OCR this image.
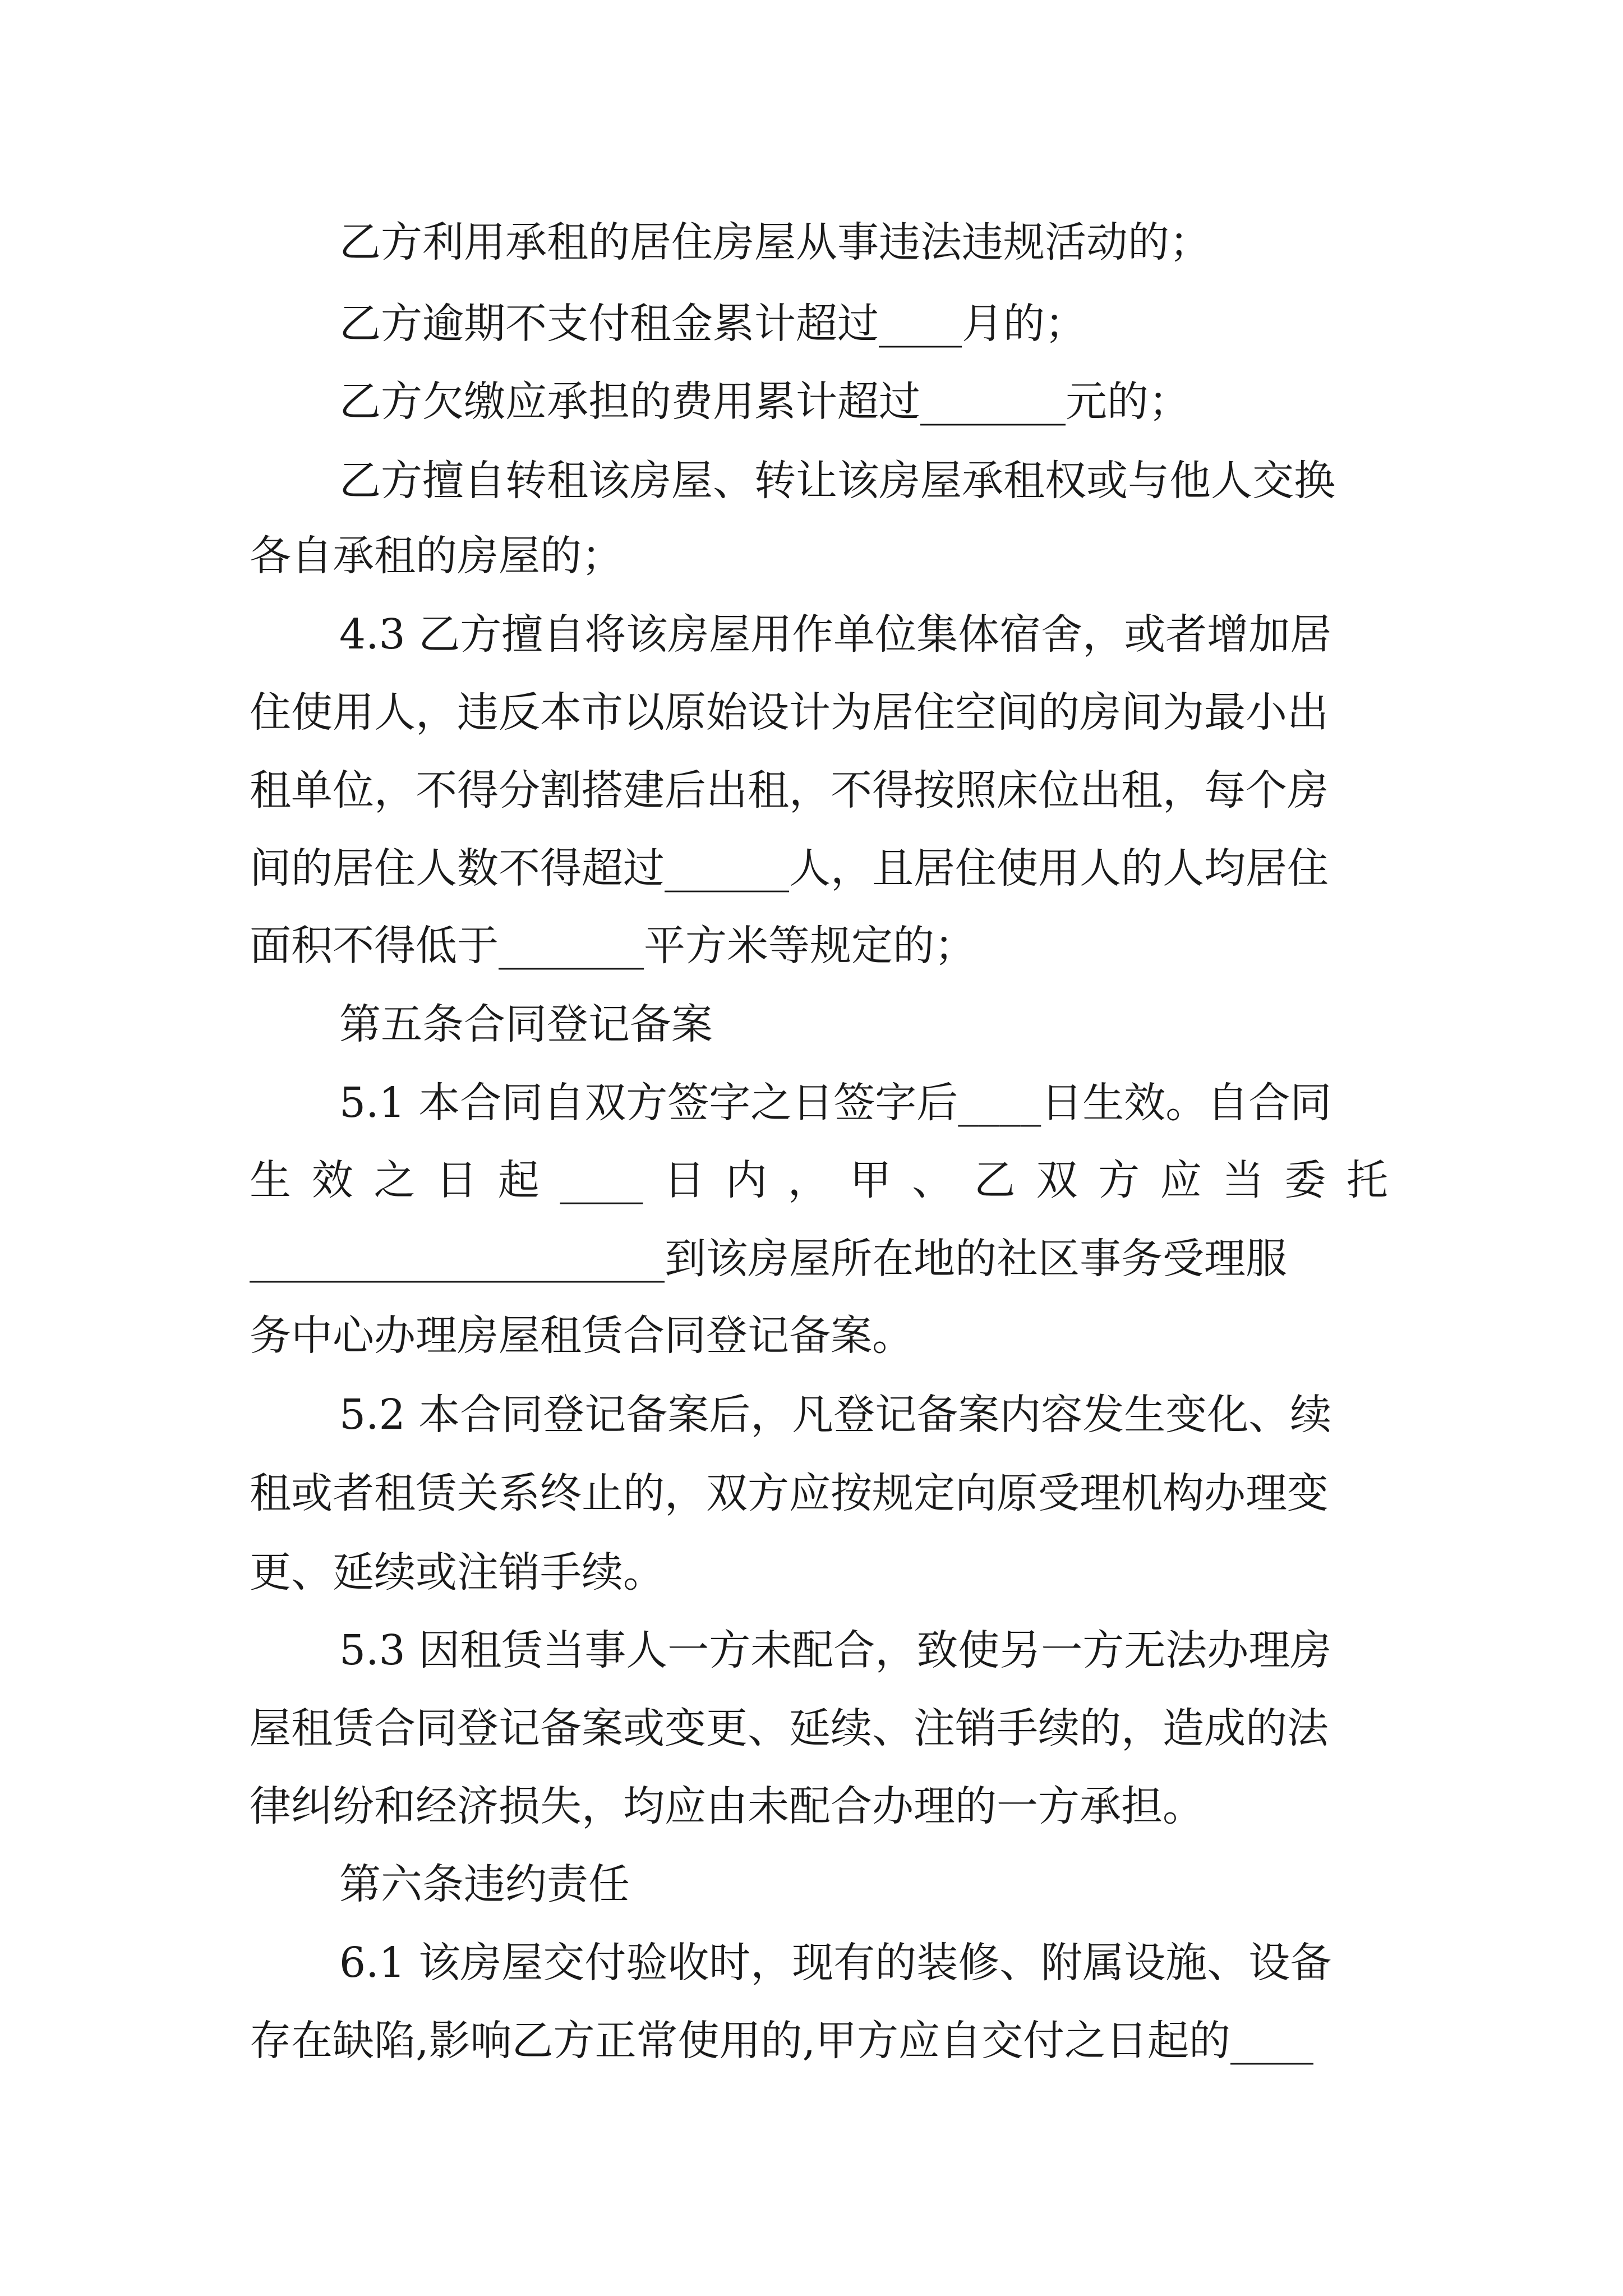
乙方利用承租的居住房屋从事违法违规活动的；
乙方逾期不支付租金累计超过____月的；
乙方欠缴应承担的费用累计超过_______元的；
乙方擅自转租该房屋、转让该房屋承租权或与他人交换
各自承租的房屋的；
4.3 乙方擅自将该房屋用作单位集体宿舍，或者增加居
住使用人，违反本市以原始设计为居住空间的房间为最小出
租单位，不得分割搭建后出租，不得按照床位出租，每个房
间的居住人数不得超过______人，且居住使用人的人均居住
面积不得低于_______平方米等规定的；
第五条合同登记备案
5.1 本合同自双方签字之日签字后____日生效。自合同
生 效 之 日 起 ____ 日 内 ， 甲 、 乙 双 方 应 当 委 托
____________________到该房屋所在地的社区事务受理服
务中心办理房屋租赁合同登记备案。
5.2 本合同登记备案后，凡登记备案内容发生变化、续
租或者租赁关系终止的，双方应按规定向原受理机构办理变
更、延续或注销手续。
5.3 因租赁当事人一方未配合，致使另一方无法办理房
屋租赁合同登记备案或变更、延续、注销手续的，造成的法
律纠纷和经济损失，均应由未配合办理的一方承担。
第六条违约责任
6.1 该房屋交付验收时，现有的装修、附属设施、设备
存在缺陷,影响乙方正常使用的,甲方应自交付之日起的____
